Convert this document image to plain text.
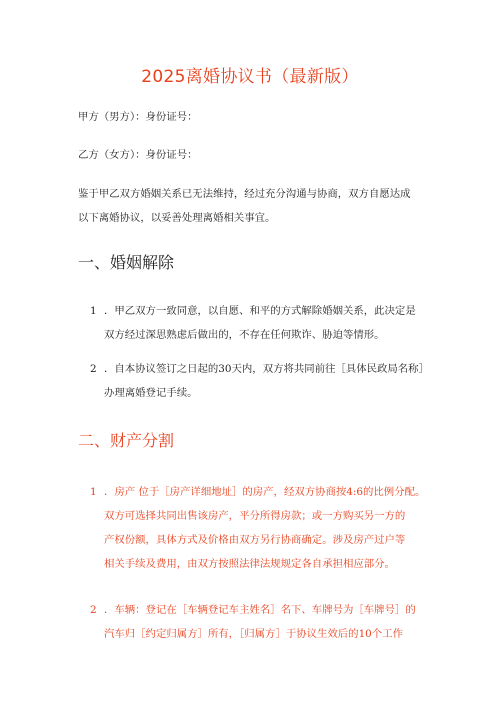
2025离婚协议书（最新版）
甲方（男方）：身份证号：
乙方（女方）：身份证号：
鉴于甲乙双方婚姻关系已无法维持，经过充分沟通与协商，双方自愿达成
以下离婚协议，以妥善处理离婚相关事宜。
一、婚姻解除
1 ．甲乙双方一致同意，以自愿、和平的方式解除婚姻关系，此决定是
双方经过深思熟虑后做出的，不存在任何欺诈、胁迫等情形。
2 ．自本协议签订之日起的30天内，双方将共同前往［具体民政局名称］
办理离婚登记手续。
二、财产分割
1 ．房产 位于［房产详细地址］的房产，经双方协商按4:6的比例分配。
双方可选择共同出售该房产，平分所得房款；或一方购买另一方的
产权份额，具体方式及价格由双方另行协商确定。涉及房产过户等
相关手续及费用，由双方按照法律法规规定各自承担相应部分。
2 ．车辆：登记在［车辆登记车主姓名］名下、车牌号为［车牌号］的
汽车归［约定归属方］所有，［归属方］于协议生效后的10个工作
